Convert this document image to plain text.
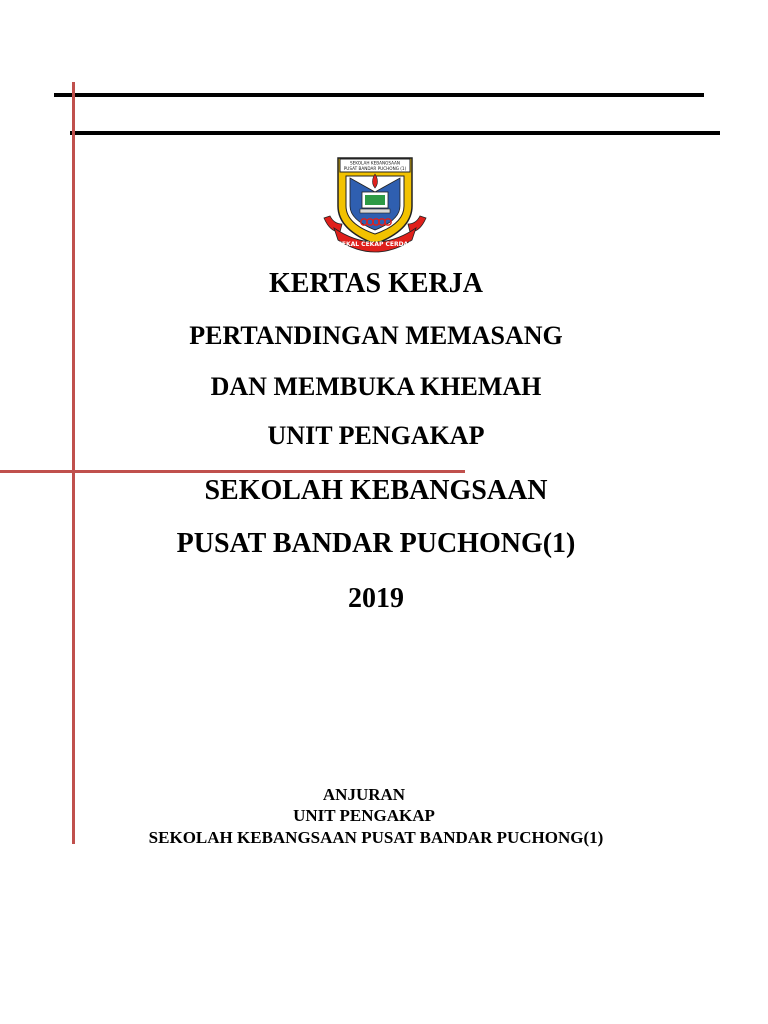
SEKOLAH KEBANGSAAN
PUSAT BANDAR PUCHONG (1)
CEKAL CEKAP CERDAS
KERTAS KERJA
PERTANDINGAN MEMASANG
DAN MEMBUKA KHEMAH
UNIT PENGAKAP
SEKOLAH KEBANGSAAN
PUSAT BANDAR PUCHONG(1)
2019
ANJURAN
UNIT PENGAKAP
SEKOLAH KEBANGSAAN PUSAT BANDAR PUCHONG(1)
